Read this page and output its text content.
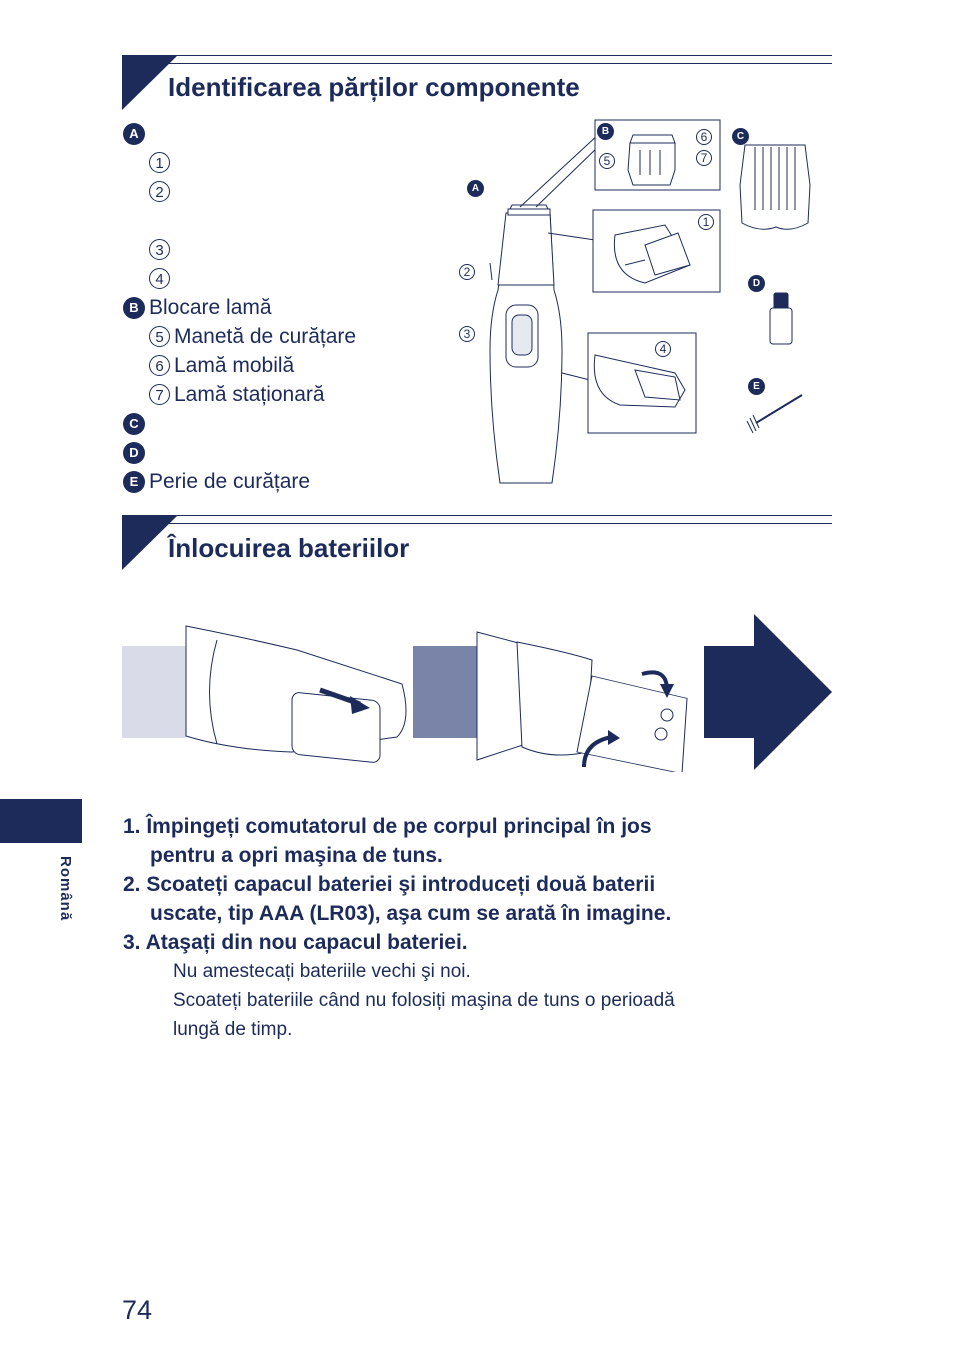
Identificarea părților componente
A
1
2
3
4
B Blocare lamă
5 Manetă de curățare
6 Lamă mobilă
7 Lamă staționară
C
D
E Perie de curățare
B
A
C
D
E
1
2
3
4
5
6
7
Înlocuirea bateriilor
1. Împingeți comutatorul de pe corpul principal în jos
pentru a opri maşina de tuns.
2. Scoateți capacul bateriei şi introduceți două baterii
uscate, tip AAA (LR03), aşa cum se arată în imagine.
3. Ataşați din nou capacul bateriei.
Nu amestecați bateriile vechi şi noi.
Scoateți bateriile când nu folosiți maşina de tuns o perioadă
lungă de timp.
Română
74
